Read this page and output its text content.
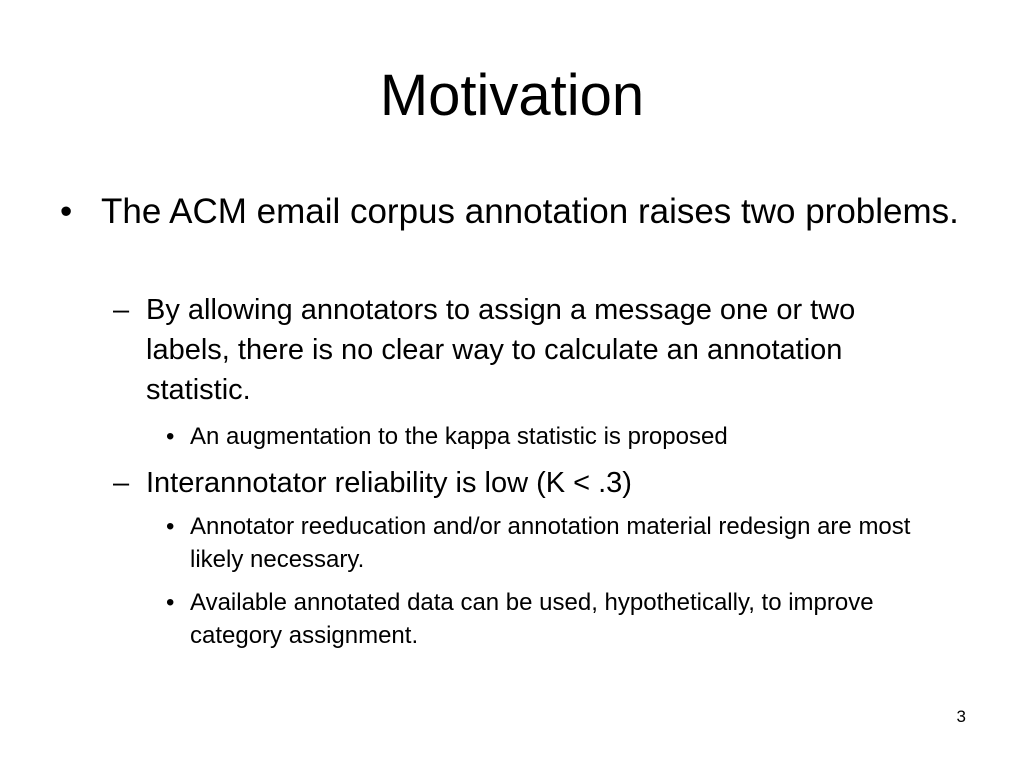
Motivation
• The ACM email corpus annotation raises two problems.
– By allowing annotators to assign a message one or two labels, there is no clear way to calculate an annotation statistic.
• An augmentation to the kappa statistic is proposed
– Interannotator reliability is low (K < .3)
• Annotator reeducation and/or annotation material redesign are most likely necessary.
• Available annotated data can be used, hypothetically, to improve category assignment.
3
